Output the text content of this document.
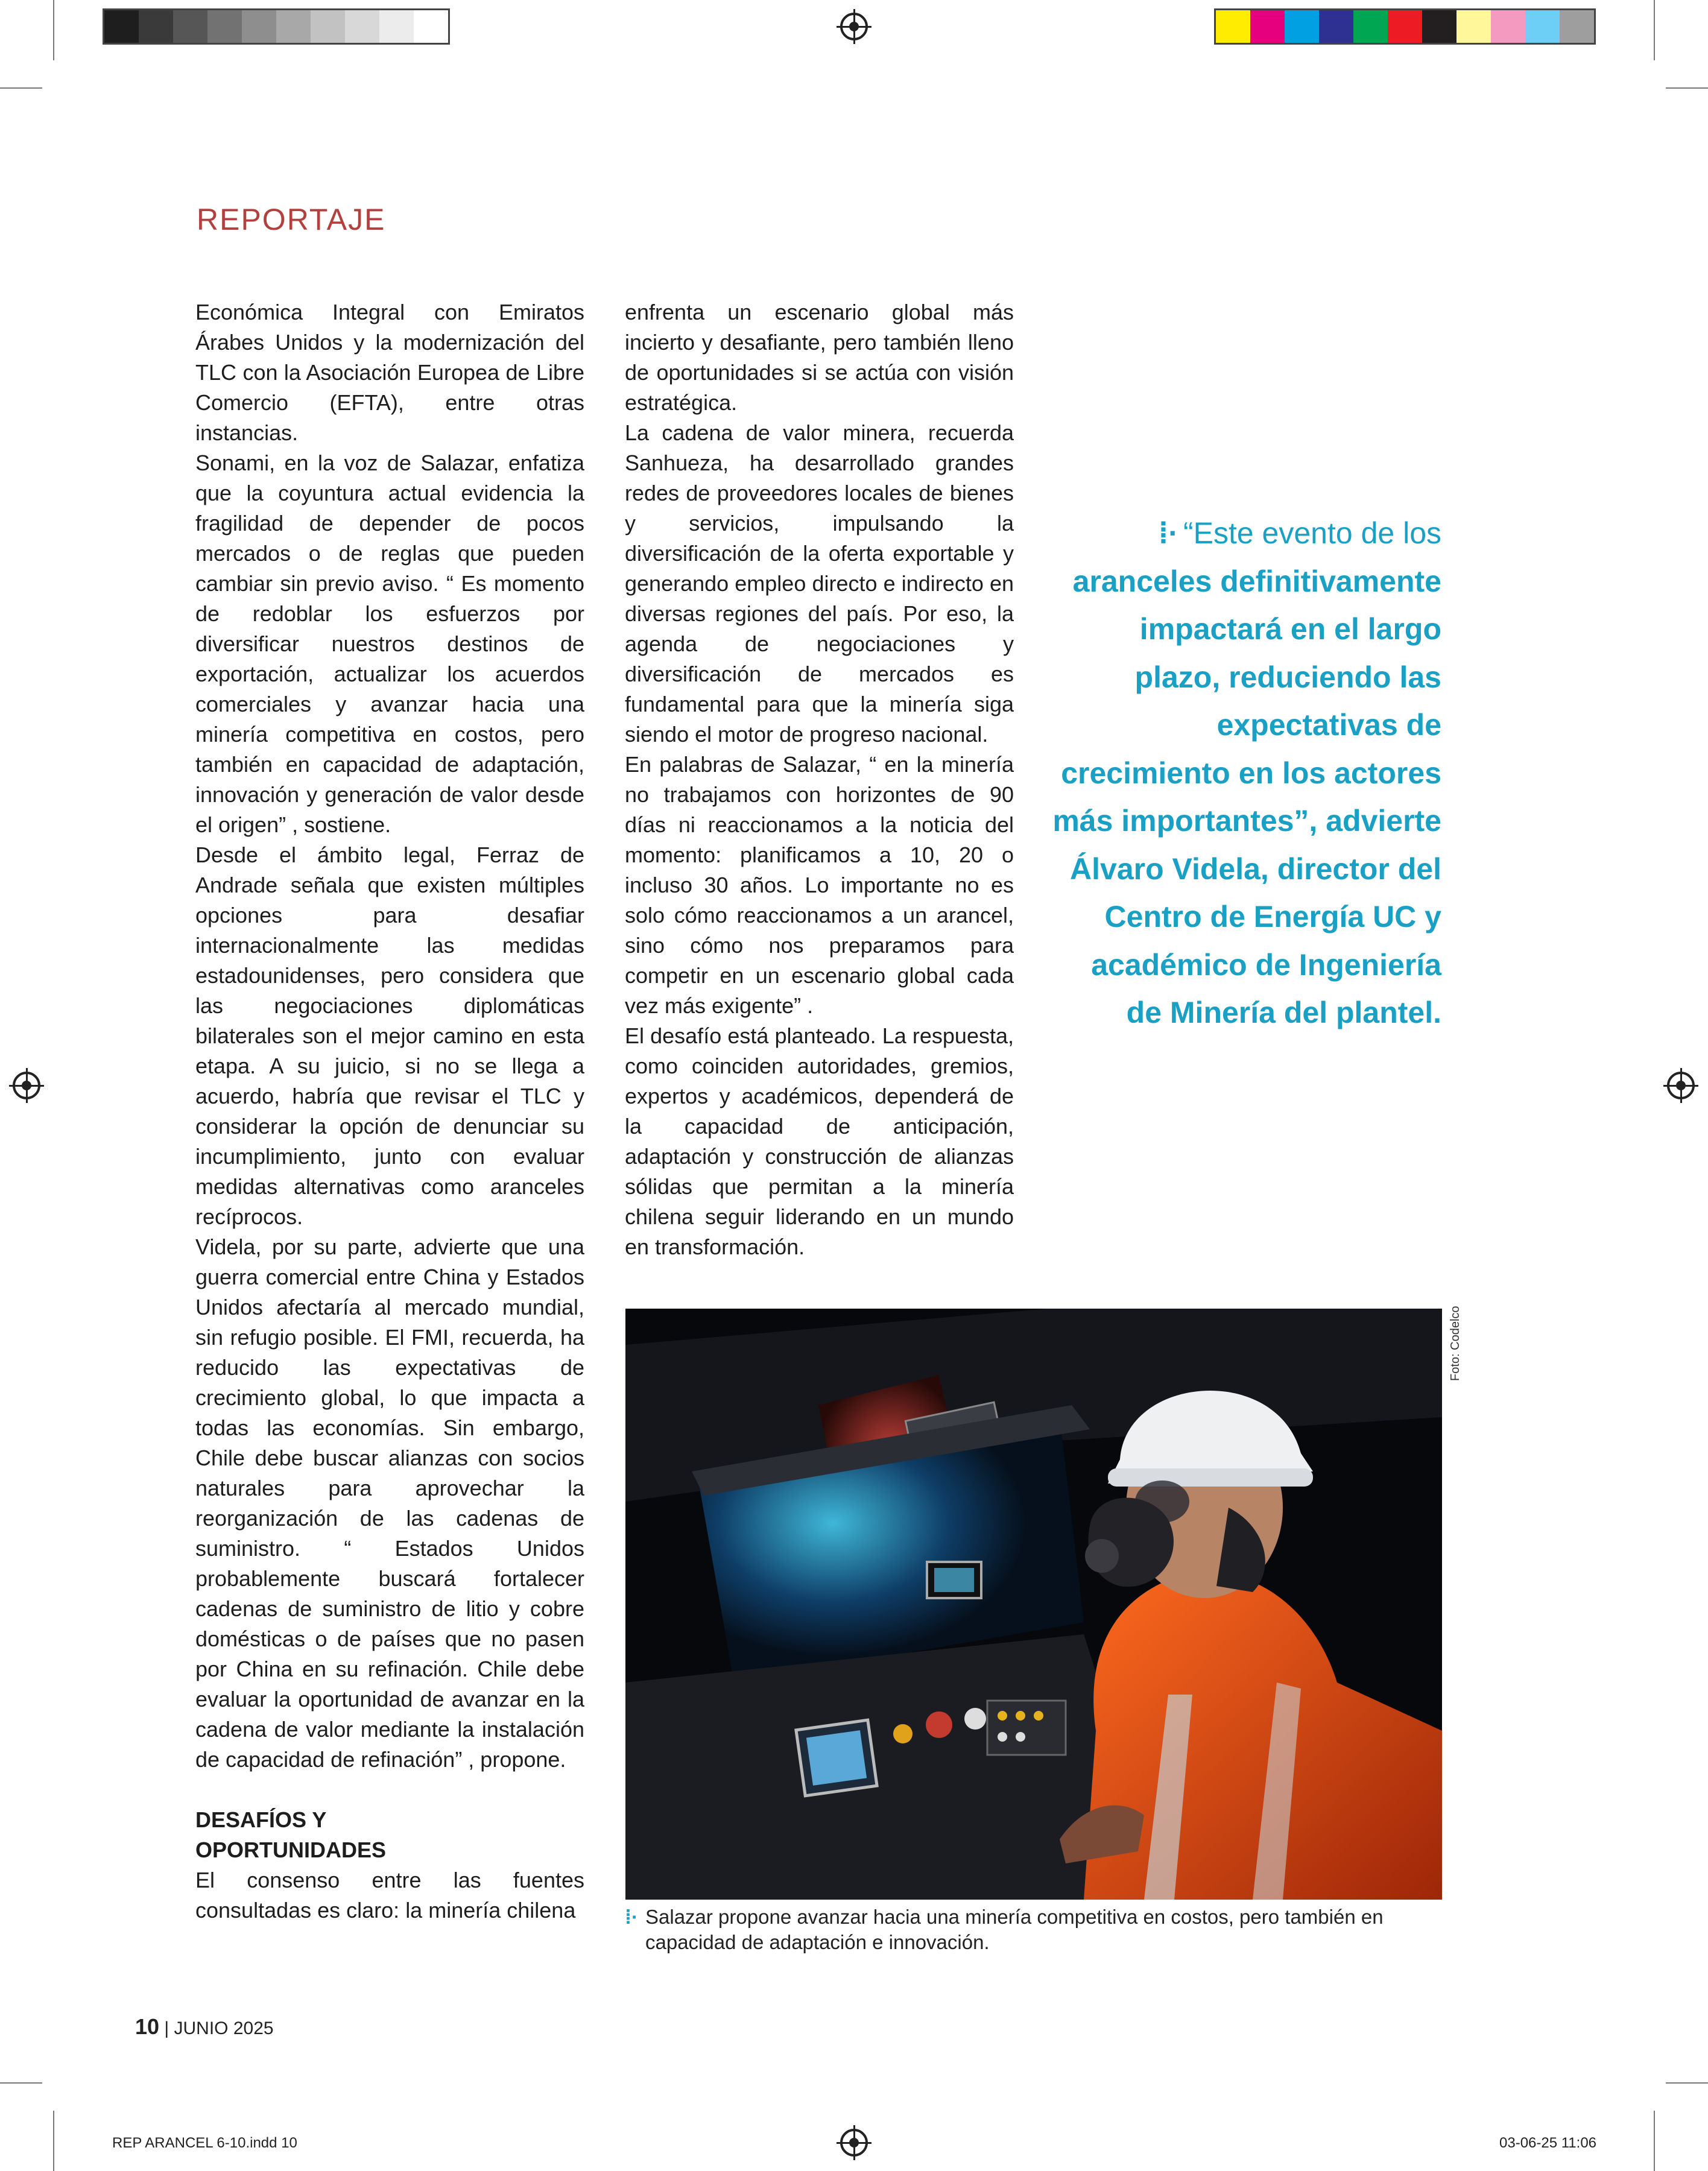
REPORTAJE

Económica Integral con Emiratos Árabes Unidos y la modernización del TLC con la Asociación Europea de Libre Comercio (EFTA), entre otras instancias.

Sonami, en la voz de Salazar, enfatiza que la coyuntura actual evidencia la fragilidad de depender de pocos mercados o de reglas que pueden cambiar sin previo aviso. “ Es momento de redoblar los esfuerzos por diversificar nuestros destinos de exportación, actualizar los acuerdos comerciales y avanzar hacia una minería competitiva en costos, pero también en capacidad de adaptación, innovación y generación de valor desde el origen” , sostiene.

Desde el ámbito legal, Ferraz de Andrade señala que existen múltiples opciones para desafiar internacionalmente las medidas estadounidenses, pero considera que las negociaciones diplomáticas bilaterales son el mejor camino en esta etapa. A su juicio, si no se llega a acuerdo, habría que revisar el TLC y considerar la opción de denunciar su incumplimiento, junto con evaluar medidas alternativas como aranceles recíprocos.

Videla, por su parte, advierte que una guerra comercial entre China y Estados Unidos afectaría al mercado mundial, sin refugio posible. El FMI, recuerda, ha reducido las expectativas de crecimiento global, lo que impacta a todas las economías. Sin embargo, Chile debe buscar alianzas con socios naturales para aprovechar la reorganización de las cadenas de suministro. “ Estados Unidos probablemente buscará fortalecer cadenas de suministro de litio y cobre domésticas o de países que no pasen por China en su refinación. Chile debe evaluar la oportunidad de avanzar en la cadena de valor mediante la instalación de capacidad de refinación” , propone.

DESAFÍOS Y
OPORTUNIDADES

El consenso entre las fuentes consultadas es claro: la minería chilena

enfrenta un escenario global más incierto y desafiante, pero también lleno de oportunidades si se actúa con visión estratégica.

La cadena de valor minera, recuerda Sanhueza, ha desarrollado grandes redes de proveedores locales de bienes y servicios, impulsando la diversificación de la oferta exportable y generando empleo directo e indirecto en diversas regiones del país. Por eso, la agenda de negociaciones y diversificación de mercados es fundamental para que la minería siga siendo el motor de progreso nacional.

En palabras de Salazar, “ en la minería no trabajamos con horizontes de 90 días ni reaccionamos a la noticia del momento: planificamos a 10, 20 o incluso 30 años. Lo importante no es solo cómo reaccionamos a un arancel, sino cómo nos preparamos para competir en un escenario global cada vez más exigente” .

El desafío está planteado. La respuesta, como coinciden autoridades, gremios, expertos y académicos, dependerá de la capacidad de anticipación, adaptación y construcción de alianzas sólidas que permitan a la minería chilena seguir liderando en un mundo en transformación.

⁞· “Este evento de los aranceles definitivamente impactará en el largo plazo, reduciendo las expectativas de crecimiento en los actores más importantes”, advierte Álvaro Videla, director del Centro de Energía UC y académico de Ingeniería de Minería del plantel.
Foto: Codelco
⁞· Salazar propone avanzar hacia una minería competitiva en costos, pero también en capacidad de adaptación e innovación.
10 | JUNIO 2025
REP ARANCEL 6-10.indd 10	03-06-25 11:06
